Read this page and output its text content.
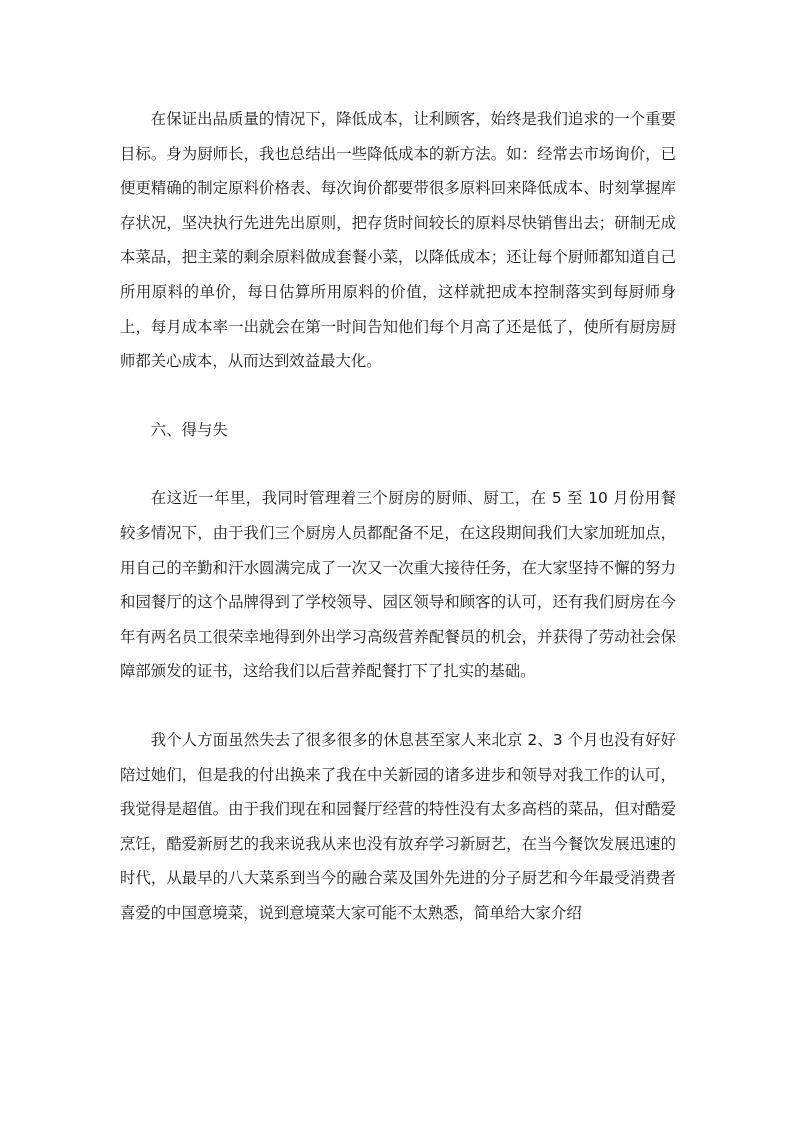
在保证出品质量的情况下，降低成本，让利顾客，始终是我们追求的一个重要目标。身为厨师长，我也总结出一些降低成本的新方法。如：经常去市场询价，已便更精确的制定原料价格表、每次询价都要带很多原料回来降低成本、时刻掌握库存状况，坚决执行先进先出原则，把存货时间较长的原料尽快销售出去；研制无成本菜品，把主菜的剩余原料做成套餐小菜，以降低成本；还让每个厨师都知道自己所用原料的单价，每日估算所用原料的价值，这样就把成本控制落实到每厨师身上，每月成本率一出就会在第一时间告知他们每个月高了还是低了，使所有厨房厨师都关心成本，从而达到效益最大化。

六、得与失

在这近一年里，我同时管理着三个厨房的厨师、厨工，在 5 至 10 月份用餐较多情况下，由于我们三个厨房人员都配备不足，在这段期间我们大家加班加点，用自己的辛勤和汗水圆满完成了一次又一次重大接待任务，在大家坚持不懈的努力和园餐厅的这个品牌得到了学校领导、园区领导和顾客的认可，还有我们厨房在今年有两名员工很荣幸地得到外出学习高级营养配餐员的机会，并获得了劳动社会保障部颁发的证书，这给我们以后营养配餐打下了扎实的基础。

我个人方面虽然失去了很多很多的休息甚至家人来北京 2、3 个月也没有好好陪过她们，但是我的付出换来了我在中关新园的诸多进步和领导对我工作的认可，我觉得是超值。由于我们现在和园餐厅经营的特性没有太多高档的菜品，但对酷爱烹饪，酷爱新厨艺的我来说我从来也没有放弃学习新厨艺，在当今餐饮发展迅速的时代，从最早的八大菜系到当今的融合菜及国外先进的分子厨艺和今年最受消费者喜爱的中国意境菜，说到意境菜大家可能不太熟悉，简单给大家介绍
